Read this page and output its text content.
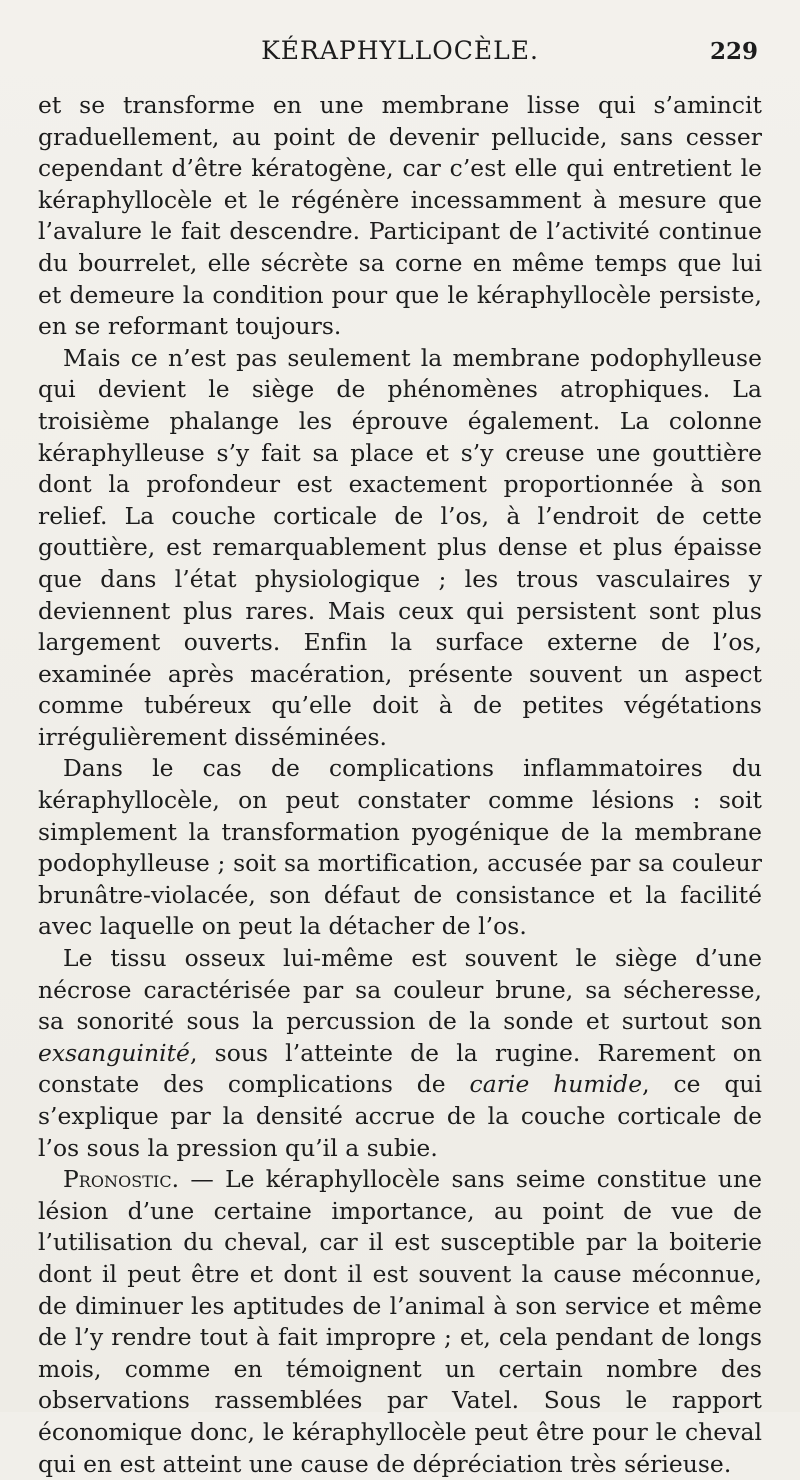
KÉRAPHYLLOCÈLE.	229

et se transforme en une membrane lisse qui s’amincit graduellement, au point de devenir pellucide, sans cesser cependant d’être kératogène, car c’est elle qui entretient le kéraphyllocèle et le régénère incessamment à mesure que l’avalure le fait descendre. Participant de l’activité continue du bourrelet, elle sécrète sa corne en même temps que lui et demeure la condition pour que le kéraphyllocèle persiste, en se reformant toujours.

Mais ce n’est pas seulement la membrane podophylleuse qui devient le siège de phénomènes atrophiques. La troisième phalange les éprouve également. La colonne kéraphylleuse s’y fait sa place et s’y creuse une gouttière dont la profondeur est exactement proportionnée à son relief. La couche corticale de l’os, à l’endroit de cette gouttière, est remarquablement plus dense et plus épaisse que dans l’état physiologique ; les trous vasculaires y deviennent plus rares. Mais ceux qui persistent sont plus largement ouverts. Enfin la surface externe de l’os, examinée après macération, présente souvent un aspect comme tubéreux qu’elle doit à de petites végétations irrégulièrement disséminées.

Dans le cas de complications inflammatoires du kéraphyllocèle, on peut constater comme lésions : soit simplement la transformation pyogénique de la membrane podophylleuse ; soit sa mortification, accusée par sa couleur brunâtre-violacée, son défaut de consistance et la facilité avec laquelle on peut la détacher de l’os.

Le tissu osseux lui-même est souvent le siège d’une nécrose caractérisée par sa couleur brune, sa sécheresse, sa sonorité sous la percussion de la sonde et surtout son exsanguinité, sous l’atteinte de la rugine. Rarement on constate des complications de carie humide, ce qui s’explique par la densité accrue de la couche corticale de l’os sous la pression qu’il a subie.

Pronostic. — Le kéraphyllocèle sans seime constitue une lésion d’une certaine importance, au point de vue de l’utilisation du cheval, car il est susceptible par la boiterie dont il peut être et dont il est souvent la cause méconnue, de diminuer les aptitudes de l’animal à son service et même de l’y rendre tout à fait impropre ; et, cela pendant de longs mois, comme en témoignent un certain nombre des observations rassemblées par Vatel. Sous le rapport économique donc, le kéraphyllocèle peut être pour le cheval qui en est atteint une cause de dépréciation très sérieuse.
